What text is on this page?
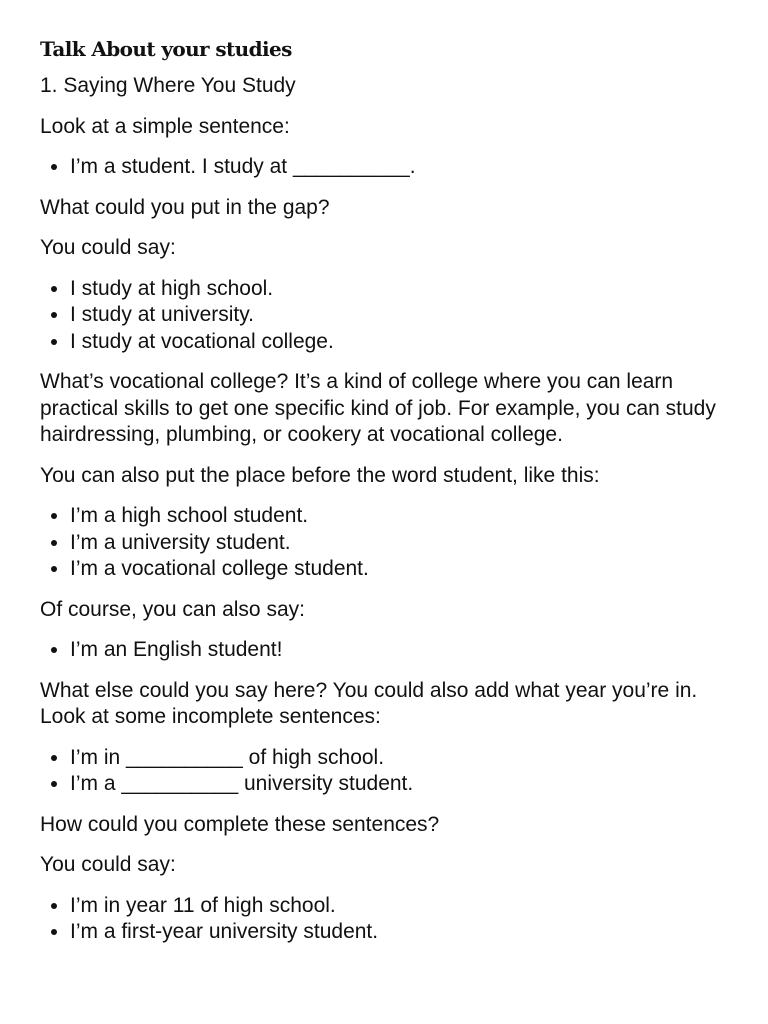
Talk About your studies

1. Saying Where You Study

Look at a simple sentence:

• I’m a student. I study at __________.

What could you put in the gap?

You could say:

• I study at high school.
• I study at university.
• I study at vocational college.

What’s vocational college? It’s a kind of college where you can learn practical skills to get one specific kind of job. For example, you can study hairdressing, plumbing, or cookery at vocational college.

You can also put the place before the word student, like this:

• I’m a high school student.
• I’m a university student.
• I’m a vocational college student.

Of course, you can also say:

• I’m an English student!

What else could you say here? You could also add what year you’re in. Look at some incomplete sentences:

• I’m in __________ of high school.
• I’m a __________ university student.

How could you complete these sentences?

You could say:

• I’m in year 11 of high school.
• I’m a first-year university student.
